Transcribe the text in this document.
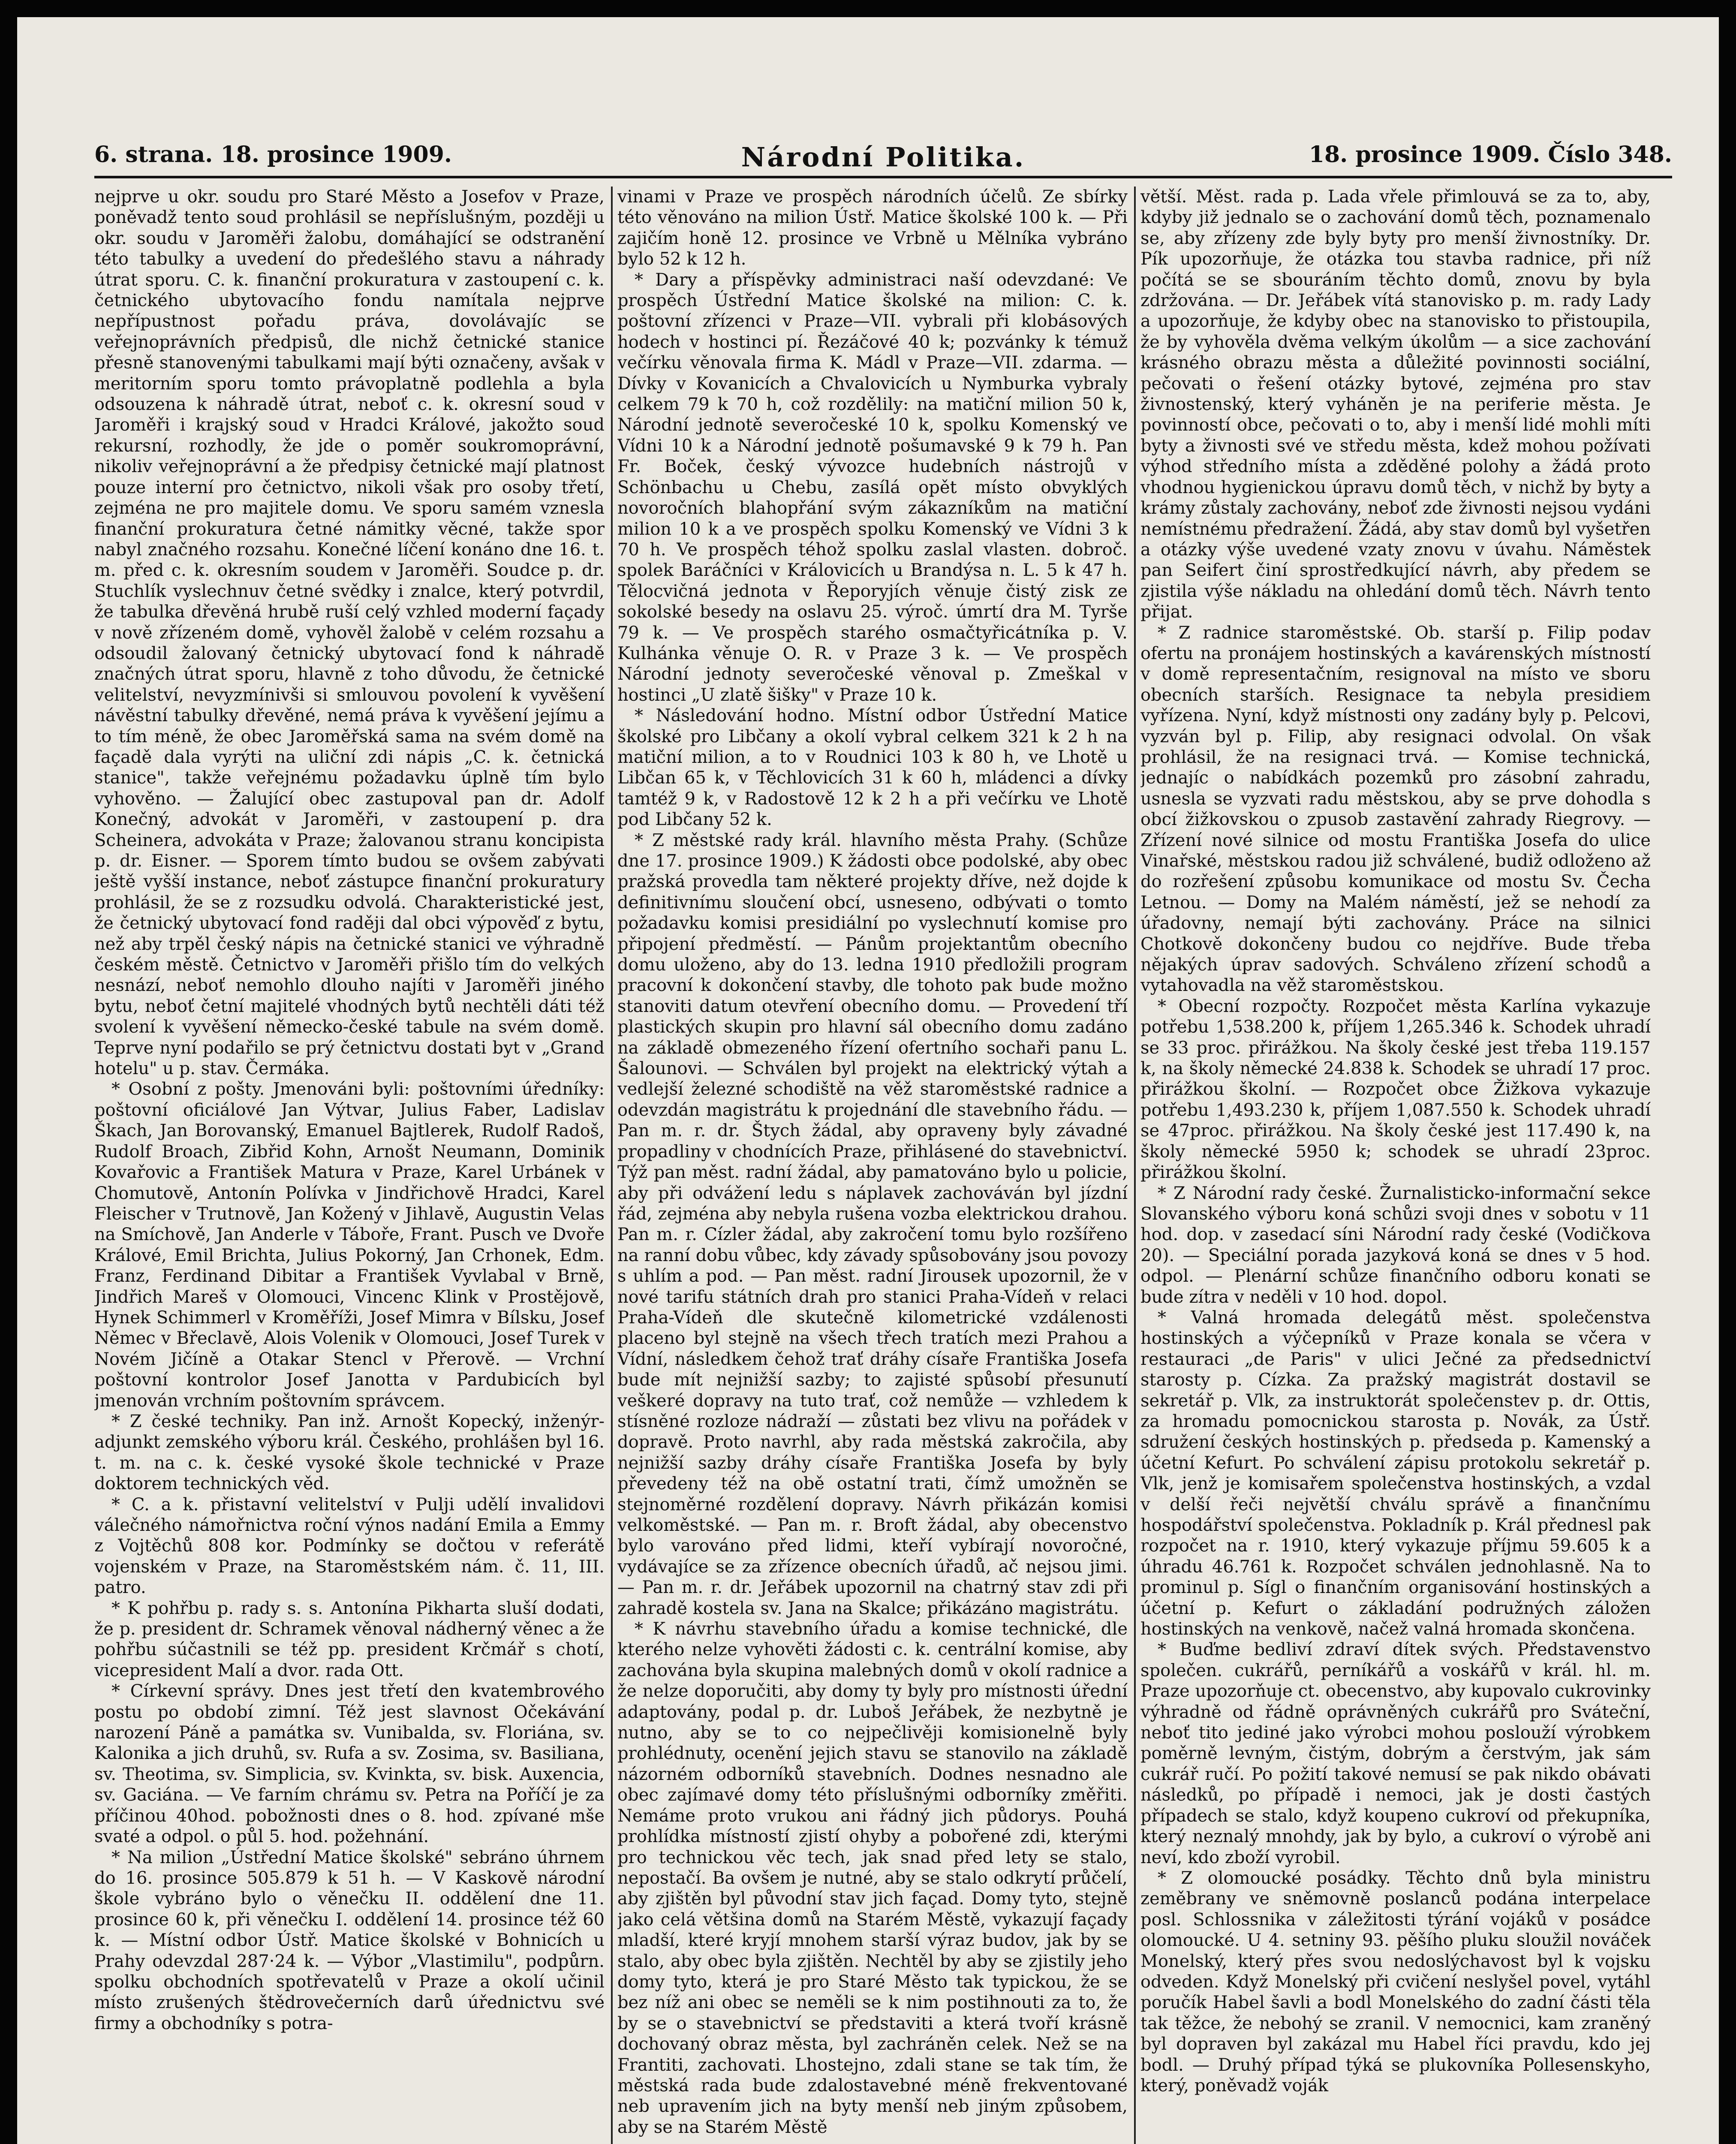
6. strana. 18. prosince 1909.	Národní Politika.	18. prosince 1909. Číslo 348.

nejprve u okr. soudu pro Staré Město a Josefov v Praze, poněvadž tento soud prohlásil se nepříslušným, později u okr. soudu v Jaroměři žalobu, domáhající se odstranění této tabulky a uvedení do předešlého stavu a náhrady útrat sporu. C. k. finanční prokuratura v zastoupení c. k. četnického ubytovacího fondu namítala nejprve nepřípustnost pořadu práva, dovolávajíc se veřejnoprávních předpisů, dle nichž četnické stanice přesně stanovenými tabulkami mají býti označeny, avšak v meritorním sporu tomto právoplatně podlehla a byla odsouzena k náhradě útrat, neboť c. k. okresní soud v Jaroměři i krajský soud v Hradci Králové, jakožto soud rekursní, rozhodly, že jde o poměr soukromoprávní, nikoliv veřejnoprávní a že předpisy četnické mají platnost pouze interní pro četnictvo, nikoli však pro osoby třetí, zejména ne pro majitele domu. Ve sporu samém vznesla finanční prokuratura četné námitky věcné, takže spor nabyl značného rozsahu. Konečné líčení konáno dne 16. t. m. před c. k. okresním soudem v Jaroměři. Soudce p. dr. Stuchlík vyslechnuv četné svědky i znalce, který potvrdil, že tabulka dřevěná hrubě ruší celý vzhled moderní façady v nově zřízeném domě, vyhověl žalobě v celém rozsahu a odsoudil žalovaný četnický ubytovací fond k náhradě značných útrat sporu, hlavně z toho důvodu, že četnické velitelství, nevyzmínivši si smlouvou povolení k vyvěšení návěstní tabulky dřevěné, nemá práva k vyvěšení jejímu a to tím méně, že obec Jaroměřská sama na svém domě na façadě dala vyrýti na uliční zdi nápis „C. k. četnická stanice", takže veřejnému požadavku úplně tím bylo vyhověno. — Žalující obec zastupoval pan dr. Adolf Konečný, advokát v Jaroměři, v zastoupení p. dra Scheinera, advokáta v Praze; žalovanou stranu koncipista p. dr. Eisner. — Sporem tímto budou se ovšem zabývati ještě vyšší instance, neboť zástupce finanční prokuratury prohlásil, že se z rozsudku odvolá. Charakteristické jest, že četnický ubytovací fond raději dal obci výpověď z bytu, než aby trpěl český nápis na četnické stanici ve výhradně českém městě. Četnictvo v Jaroměři přišlo tím do velkých nesnází, neboť nemohlo dlouho najíti v Jaroměři jiného bytu, neboť četní majitelé vhodných bytů nechtěli dáti též svolení k vyvěšení německo-české tabule na svém domě. Teprve nyní podařilo se prý četnictvu dostati byt v „Grand hotelu" u p. stav. Čermáka.

* Osobní z pošty. Jmenováni byli: poštovními úředníky: poštovní oficiálové Jan Výtvar, Julius Faber, Ladislav Škach, Jan Borovanský, Emanuel Bajtlerek, Rudolf Radoš, Rudolf Broach, Zibřid Kohn, Arnošt Neumann, Dominik Kovařovic a František Matura v Praze, Karel Urbánek v Chomutově, Antonín Polívka v Jindřichově Hradci, Karel Fleischer v Trutnově, Jan Kožený v Jihlavě, Augustin Velas na Smíchově, Jan Anderle v Táboře, Frant. Pusch ve Dvoře Králové, Emil Brichta, Julius Pokorný, Jan Crhonek, Edm. Franz, Ferdinand Dibitar a František Vyvlabal v Brně, Jindřich Mareš v Olomouci, Vincenc Klink v Prostějově, Hynek Schimmerl v Kroměříži, Josef Mimra v Bílsku, Josef Němec v Břeclavě, Alois Volenik v Olomouci, Josef Turek v Novém Jičíně a Otakar Stencl v Přerově. — Vrchní poštovní kontrolor Josef Janotta v Pardubicích byl jmenován vrchním poštovním správcem.

* Z české techniky. Pan inž. Arnošt Kopecký, inženýr-adjunkt zemského výboru král. Českého, prohlášen byl 16. t. m. na c. k. české vysoké škole technické v Praze doktorem technických věd.

* C. a k. přistavní velitelství v Pulji udělí invalidovi válečného námořnictva roční výnos nadání Emila a Emmy z Vojtěchů 808 kor. Podmínky se dočtou v referátě vojenském v Praze, na Staroměstském nám. č. 11, III. patro.

* K pohřbu p. rady s. s. Antonína Pikharta sluší dodati, že p. president dr. Schramek věnoval nádherný věnec a že pohřbu súčastnili se též pp. president Krčmář s chotí, vicepresident Malí a dvor. rada Ott.

* Církevní správy. Dnes jest třetí den kvatembrového postu po období zimní. Též jest slavnost Očekávání narození Páně a památka sv. Vunibalda, sv. Floriána, sv. Kalonika a jich druhů, sv. Rufa a sv. Zosima, sv. Basiliana, sv. Theotima, sv. Simplicia, sv. Kvinkta, sv. bisk. Auxencia, sv. Gaciána. — Ve farním chrámu sv. Petra na Poříčí je za příčinou 40hod. pobožnosti dnes o 8. hod. zpívané mše svaté a odpol. o půl 5. hod. požehnání.

* Na milion „Ústřední Matice školské" sebráno úhrnem do 16. prosince 505.879 k 51 h. — V Kaskově národní škole vybráno bylo o věnečku II. oddělení dne 11. prosince 60 k, při věnečku I. oddělení 14. prosince též 60 k. — Místní odbor Ústř. Matice školské v Bohnicích u Prahy odevzdal 287·24 k. — Výbor „Vlastimilu", podpůrn. spolku obchodních spotřevatelů v Praze a okolí učinil místo zrušených štědrovečerních darů úřednictvu své firmy a obchodníky s potra-

vinami v Praze ve prospěch národních účelů. Ze sbírky této věnováno na milion Ústř. Matice školské 100 k. — Při zajičím honě 12. prosince ve Vrbně u Mělníka vybráno bylo 52 k 12 h.

* Dary a příspěvky administraci naší odevzdané: Ve prospěch Ústřední Matice školské na milion: C. k. poštovní zřízenci v Praze—VII. vybrali při klobásových hodech v hostinci pí. Řezáčové 40 k; pozvánky k témuž večírku věnovala firma K. Mádl v Praze—VII. zdarma. — Dívky v Kovanicích a Chvalovicích u Nymburka vybraly celkem 79 k 70 h, což rozdělily: na matiční milion 50 k, Národní jednotě severočeské 10 k, spolku Komenský ve Vídni 10 k a Národní jednotě pošumavské 9 k 79 h. Pan Fr. Boček, český vývozce hudebních nástrojů v Schönbachu u Chebu, zasílá opět místo obvyklých novoročních blahopřání svým zákazníkům na matiční milion 10 k a ve prospěch spolku Komenský ve Vídni 3 k 70 h. Ve prospěch téhož spolku zaslal vlasten. dobroč. spolek Baráčníci v Královicích u Brandýsa n. L. 5 k 47 h. Tělocvičná jednota v Řeporyjích věnuje čistý zisk ze sokolské besedy na oslavu 25. výroč. úmrtí dra M. Tyrše 79 k. — Ve prospěch starého osmačtyřicátníka p. V. Kulhánka věnuje O. R. v Praze 3 k. — Ve prospěch Národní jednoty severočeské věnoval p. Zmeškal v hostinci „U zlatě šišky" v Praze 10 k.

* Následování hodno. Místní odbor Ústřední Matice školské pro Libčany a okolí vybral celkem 321 k 2 h na matiční milion, a to v Roudnici 103 k 80 h, ve Lhotě u Libčan 65 k, v Těchlovicích 31 k 60 h, mládenci a dívky tamtéž 9 k, v Radostově 12 k 2 h a při večírku ve Lhotě pod Libčany 52 k.

* Z městské rady král. hlavního města Prahy. (Schůze dne 17. prosince 1909.) K žádosti obce podolské, aby obec pražská provedla tam některé projekty dříve, než dojde k definitivnímu sloučení obcí, usneseno, odbývati o tomto požadavku komisi presidiální po vyslechnutí komise pro připojení předměstí. — Pánům projektantům obecního domu uloženo, aby do 13. ledna 1910 předložili program pracovní k dokončení stavby, dle tohoto pak bude možno stanoviti datum otevření obecního domu. — Provedení tří plastických skupin pro hlavní sál obecního domu zadáno na základě obmezeného řízení ofertního sochaři panu L. Šalounovi. — Schválen byl projekt na elektrický výtah a vedlejší železné schodiště na věž staroměstské radnice a odevzdán magistrátu k projednání dle stavebního řádu. — Pan m. r. dr. Štych žádal, aby opraveny byly závadné propadliny v chodnících Praze, přihlásené do stavebnictví. Týž pan měst. radní žádal, aby pamatováno bylo u policie, aby při odvážení ledu s náplavek zachováván byl jízdní řád, zejména aby nebyla rušena vozba elektrickou drahou. Pan m. r. Cízler žádal, aby zakročení tomu bylo rozšířeno na ranní dobu vůbec, kdy závady spůsobovány jsou povozy s uhlím a pod. — Pan měst. radní Jirousek upozornil, že v nové tarifu státních drah pro stanici Praha-Vídeň v relaci Praha-Vídeň dle skutečně kilometrické vzdálenosti placeno byl stejně na všech třech tratích mezi Prahou a Vídní, následkem čehož trať dráhy císaře Františka Josefa bude mít nejnižší sazby; to zajisté spůsobí přesunutí veškeré dopravy na tuto trať, což nemůže — vzhledem k stísněné rozloze nádraží — zůstati bez vlivu na pořádek v dopravě. Proto navrhl, aby rada městská zakročila, aby nejnižší sazby dráhy císaře Františka Josefa by byly převedeny též na obě ostatní trati, čímž umožněn se stejnoměrné rozdělení dopravy. Návrh přikázán komisi velkoměstské. — Pan m. r. Broft žádal, aby obecenstvo bylo varováno před lidmi, kteří vybírají novoročné, vydávajíce se za zřízence obecních úřadů, ač nejsou jimi. — Pan m. r. dr. Jeřábek upozornil na chatrný stav zdi při zahradě kostela sv. Jana na Skalce; přikázáno magistrátu.

* K návrhu stavebního úřadu a komise technické, dle kterého nelze vyhověti žádosti c. k. centrální komise, aby zachována byla skupina malebných domů v okolí radnice a že nelze doporučiti, aby domy ty byly pro místnosti úřední adaptovány, podal p. dr. Luboš Jeřábek, že nezbytně je nutno, aby se to co nejpečlivěji komisionelně byly prohlédnuty, ocenění jejich stavu se stanovilo na základě názorném odborníků stavebních. Dodnes nesnadno ale obec zajímavé domy této příslušnými odborníky změřiti. Nemáme proto vrukou ani řádný jich půdorys. Pouhá prohlídka místností zjistí ohyby a pobořené zdi, kterými pro technickou věc tech, jak snad před lety se stalo, nepostačí. Ba ovšem je nutné, aby se stalo odkrytí průčelí, aby zjištěn byl původní stav jich façad. Domy tyto, stejně jako celá většina domů na Starém Městě, vykazují façady mladší, které kryjí mnohem starší výraz budov, jak by se stalo, aby obec byla zjištěn. Nechtěl by aby se zjistily jeho domy tyto, která je pro Staré Město tak typickou, že se bez níž ani obec se neměli se k nim postihnouti za to, že by se o stavebnictví se představiti a která tvoří krásně dochovaný obraz města, byl zachráněn celek. Než se na Frantiti, zachovati. Lhostejno, zdali stane se tak tím, že městská rada bude zdalostavebné méně frekventované neb upravením jich na byty menší neb jiným způsobem, aby se na Starém Městě

větší. Měst. rada p. Lada vřele přimlouvá se za to, aby, kdyby již jednalo se o zachování domů těch, poznamenalo se, aby zřízeny zde byly byty pro menší živnostníky. Dr. Pík upozorňuje, že otázka tou stavba radnice, při níž počítá se se sbouráním těchto domů, znovu by byla zdržována. — Dr. Jeřábek vítá stanovisko p. m. rady Lady a upozorňuje, že kdyby obec na stanovisko to přistoupila, že by vyhověla dvěma velkým úkolům — a sice zachování krásného obrazu města a důležité povinnosti sociální, pečovati o řešení otázky bytové, zejména pro stav živnostenský, který vyháněn je na periferie města. Je povinností obce, pečovati o to, aby i menší lidé mohli míti byty a živnosti své ve středu města, kdež mohou požívati výhod středního místa a zděděné polohy a žádá proto vhodnou hygienickou úpravu domů těch, v nichž by byty a krámy zůstaly zachovány, neboť zde živnosti nejsou vydáni nemístnému předražení. Žádá, aby stav domů byl vyšetřen a otázky výše uvedené vzaty znovu v úvahu. Náměstek pan Seifert činí sprostředkující návrh, aby předem se zjistila výše nákladu na ohledání domů těch. Návrh tento přijat.

* Z radnice staroměstské. Ob. starší p. Filip podav ofertu na pronájem hostinských a kavárenských místností v domě representačním, resignoval na místo ve sboru obecních starších. Resignace ta nebyla presidiem vyřízena. Nyní, když místnosti ony zadány byly p. Pelcovi, vyzván byl p. Filip, aby resignaci odvolal. On však prohlásil, že na resignaci trvá. — Komise technická, jednajíc o nabídkách pozemků pro zásobní zahradu, usnesla se vyzvati radu městskou, aby se prve dohodla s obcí žižkovskou o zpusob zastavění zahrady Riegrovy. — Zřízení nové silnice od mostu Františka Josefa do ulice Vinařské, městskou radou již schválené, budiž odloženo až do rozřešení způsobu komunikace od mostu Sv. Čecha Letnou. — Domy na Malém náměstí, jež se nehodí za úřadovny, nemají býti zachovány. Práce na silnici Chotkově dokončeny budou co nejdříve. Bude třeba nějakých úprav sadových. Schváleno zřízení schodů a vytahovadla na věž staroměstskou.

* Obecní rozpočty. Rozpočet města Karlína vykazuje potřebu 1,538.200 k, příjem 1,265.346 k. Schodek uhradí se 33 proc. přirážkou. Na školy české jest třeba 119.157 k, na školy německé 24.838 k. Schodek se uhradí 17 proc. přirážkou školní. — Rozpočet obce Žižkova vykazuje potřebu 1,493.230 k, příjem 1,087.550 k. Schodek uhradí se 47proc. přirážkou. Na školy české jest 117.490 k, na školy německé 5950 k; schodek se uhradí 23proc. přirážkou školní.

* Z Národní rady české. Žurnalisticko-informační sekce Slovanského výboru koná schůzi svoji dnes v sobotu v 11 hod. dop. v zasedací síni Národní rady české (Vodičkova 20). — Speciální porada jazyková koná se dnes v 5 hod. odpol. — Plenární schůze finančního odboru konati se bude zítra v neděli v 10 hod. dopol.

* Valná hromada delegátů měst. společenstva hostinských a výčepníků v Praze konala se včera v restauraci „de Paris" v ulici Ječné za předsednictví starosty p. Cízka. Za pražský magistrát dostavil se sekretář p. Vlk, za instruktorát společenstev p. dr. Ottis, za hromadu pomocnickou starosta p. Novák, za Ústř. sdružení českých hostinských p. předseda p. Kamenský a účetní Kefurt. Po schválení zápisu protokolu sekretář p. Vlk, jenž je komisařem společenstva hostinských, a vzdal v delší řeči největší chválu správě a finančnímu hospodářství společenstva. Pokladník p. Král přednesl pak rozpočet na r. 1910, který vykazuje příjmu 59.605 k a úhradu 46.761 k. Rozpočet schválen jednohlasně. Na to prominul p. Sígl o finančním organisování hostinských a účetní p. Kefurt o základání podružných záložen hostinských na venkově, načež valná hromada skončena.

* Buďme bedliví zdraví dítek svých. Představenstvo společen. cukrářů, perníkářů a voskářů v král. hl. m. Praze upozorňuje ct. obecenstvo, aby kupovalo cukrovinky výhradně od řádně oprávněných cukrářů pro Sváteční, neboť tito jediné jako výrobci mohou poslouží výrobkem poměrně levným, čistým, dobrým a čerstvým, jak sám cukrář ručí. Po požití takové nemusí se pak nikdo obávati následků, po případě i nemoci, jak je dosti častých případech se stalo, když koupeno cukroví od překupníka, který neznalý mnohdy, jak by bylo, a cukroví o výrobě ani neví, kdo zboží vyrobil.

* Z olomoucké posádky. Těchto dnů byla ministru zeměbrany ve sněmovně poslanců podána interpelace posl. Schlossnika v záležitosti týrání vojáků v posádce olomoucké. U 4. setniny 93. pěšího pluku sloužil nováček Monelský, který přes svou nedoslýchavost byl k vojsku odveden. Když Monelský při cvičení neslyšel povel, vytáhl poručík Habel šavli a bodl Monelského do zadní části těla tak těžce, že nebohý se zranil. V nemocnici, kam zraněný byl dopraven byl zakázal mu Habel říci pravdu, kdo jej bodl. — Druhý případ týká se plukovníka Pollesenskyho, který, poněvadž voják
